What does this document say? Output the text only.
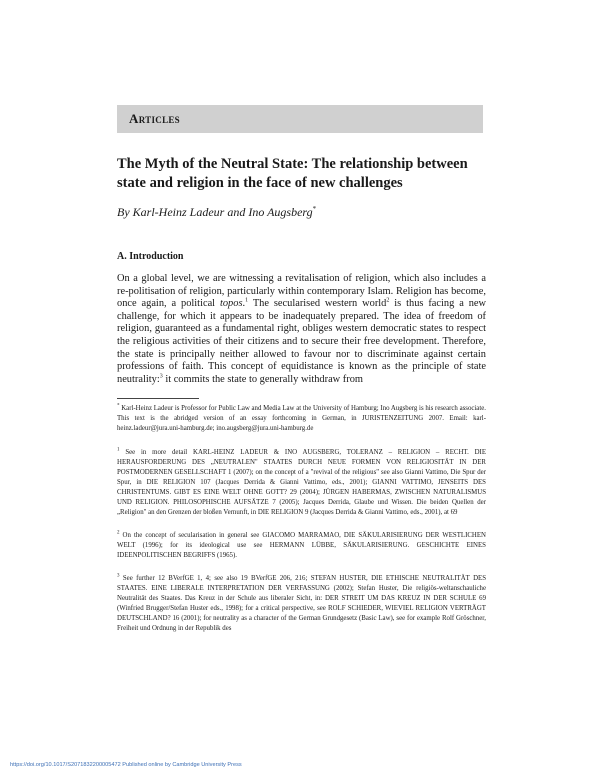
Articles
The Myth of the Neutral State: The relationship between state and religion in the face of new challenges
By Karl-Heinz Ladeur and Ino Augsberg*
A. Introduction

On a global level, we are witnessing a revitalisation of religion, which also includes a re-politisation of religion, particularly within contemporary Islam. Religion has become, once again, a political topos.$^1$ The secularised western world$^2$ is thus facing a new challenge, for which it appears to be inadequately prepared. The idea of freedom of religion, guaranteed as a fundamental right, obliges western democratic states to respect the religious activities of their citizens and to secure their free development. Therefore, the state is principally neither allowed to favour nor to discriminate against certain professions of faith. This concept of equidistance is known as the principle of state neutrality:$^3$ it commits the state to generally withdraw from

* Karl-Heinz Ladeur is Professor for Public Law and Media Law at the University of Hamburg; Ino Augsberg is his research associate. This text is the abridged version of an essay forthcoming in German, in JURISTENZEITUNG 2007. Email: karl-heinz.ladeur@jura.uni-hamburg.de; ino.augsberg@jura.uni-hamburg.de

$^1$ See in more detail KARL-HEINZ LADEUR & INO AUGSBERG, TOLERANZ – RELIGION – RECHT. DIE HERAUSFORDERUNG DES „NEUTRALEN" STAATES DURCH NEUE FORMEN VON RELIGIOSITÄT IN DER POSTMODERNEN GESELLSCHAFT 1 (2007); on the concept of a "revival of the religious" see also Gianni Vattimo, Die Spur der Spur, in DIE RELIGION 107 (Jacques Derrida & Gianni Vattimo, eds., 2001); GIANNI VATTIMO, JENSEITS DES CHRISTENTUMS. GIBT ES EINE WELT OHNE GOTT? 29 (2004); JÜRGEN HABERMAS, ZWISCHEN NATURALISMUS UND RELIGION. PHILOSOPHISCHE AUFSÄTZE 7 (2005); Jacques Derrida, Glaube und Wissen. Die beiden Quellen der „Religion" an den Grenzen der bloßen Vernunft, in DIE RELIGION 9 (Jacques Derrida & Gianni Vattimo, eds., 2001), at 69

$^2$ On the concept of secularisation in general see GIACOMO MARRAMAO, DIE SÄKULARISIERUNG DER WESTLICHEN WELT (1996); for its ideological use see HERMANN LÜBBE, SÄKULARISIERUNG. GESCHICHTE EINES IDEENPOLITISCHEN BEGRIFFS (1965).

$^3$ See further 12 BVerfGE 1, 4; see also 19 BVerfGE 206, 216; STEFAN HUSTER, DIE ETHISCHE NEUTRALITÄT DES STAATES. EINE LIBERALE INTERPRETATION DER VERFASSUNG (2002); Stefan Huster, Die religiös-weltanschauliche Neutralität des Staates. Das Kreuz in der Schule aus liberaler Sicht, in: DER STREIT UM DAS KREUZ IN DER SCHULE 69 (Winfried Brugger/Stefan Huster eds., 1998); for a critical perspective, see ROLF SCHIEDER, WIEVIEL RELIGION VERTRÄGT DEUTSCHLAND? 16 (2001); for neutrality as a character of the German Grundgesetz (Basic Law), see for example Rolf Gröschner, Freiheit und Ordnung in der Republik des

https://doi.org/10.1017/S2071832200005472 Published online by Cambridge University Press
